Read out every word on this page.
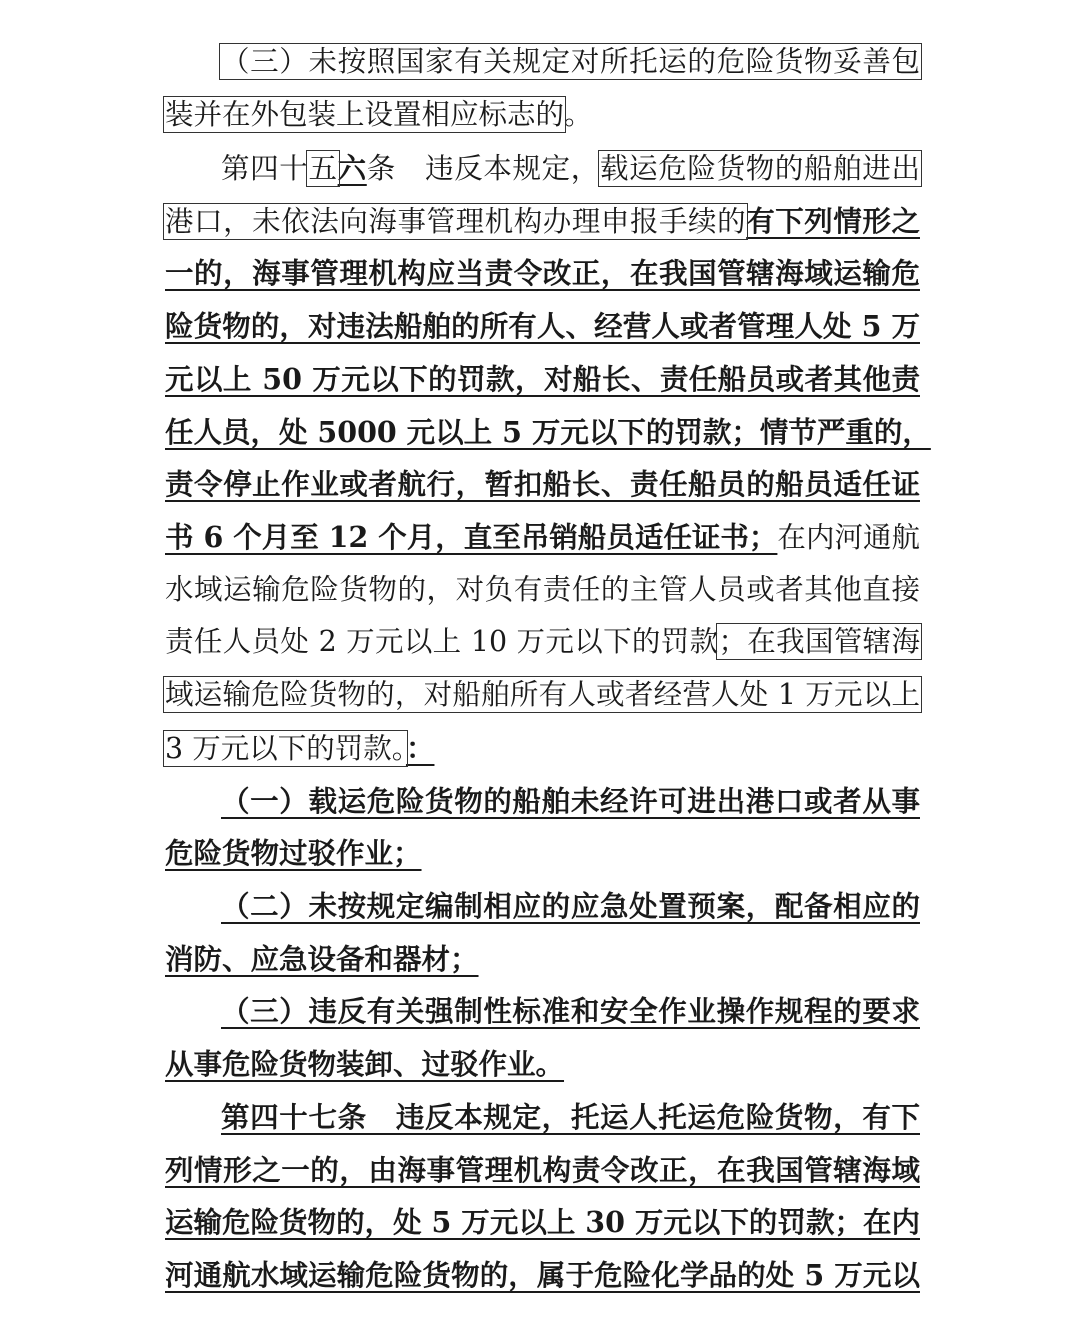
（三）未按照国家有关规定对所托运的危险货物妥善包
装并在外包装上设置相应标志的。
第四十五六条　违反本规定，载运危险货物的船舶进出
港口，未依法向海事管理机构办理申报手续的有下列情形之
一的，海事管理机构应当责令改正，在我国管辖海域运输危
险货物的，对违法船舶的所有人、经营人或者管理人处 5 万
元以上 50 万元以下的罚款，对船长、责任船员或者其他责
任人员，处 5000 元以上 5 万元以下的罚款；情节严重的，
责令停止作业或者航行，暂扣船长、责任船员的船员适任证
书 6 个月至 12 个月，直至吊销船员适任证书；在内河通航
水域运输危险货物的，对负有责任的主管人员或者其他直接
责任人员处 2 万元以上 10 万元以下的罚款；在我国管辖海
域运输危险货物的，对船舶所有人或者经营人处 1 万元以上
3 万元以下的罚款。：
（一）载运危险货物的船舶未经许可进出港口或者从事
危险货物过驳作业；
（二）未按规定编制相应的应急处置预案，配备相应的
消防、应急设备和器材；
（三）违反有关强制性标准和安全作业操作规程的要求
从事危险货物装卸、过驳作业。
第四十七条　违反本规定，托运人托运危险货物，有下
列情形之一的，由海事管理机构责令改正，在我国管辖海域
运输危险货物的，处 5 万元以上 30 万元以下的罚款；在内
河通航水域运输危险货物的，属于危险化学品的处 5 万元以
